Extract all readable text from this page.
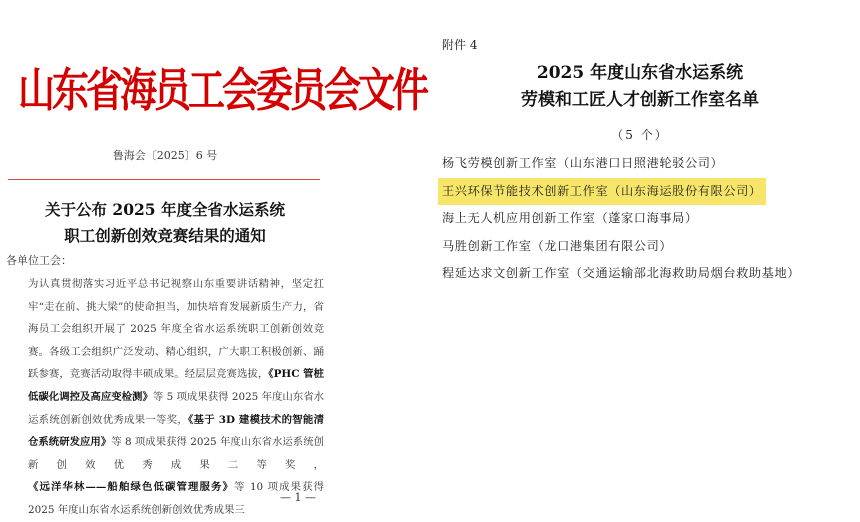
山东省海员工会委员会文件
鲁海会〔2025〕6 号
关于公布 2025 年度全省水运系统
职工创新创效竞赛结果的通知
各单位工会：

为认真贯彻落实习近平总书记视察山东重要讲话精神，坚定扛牢“走在前、挑大梁”的使命担当，加快培育发展新质生产力，省海员工会组织开展了 2025 年度全省水运系统职工创新创效竞赛。各级工会组织广泛发动、精心组织，广大职工积极创新、踊跃参赛，竞赛活动取得丰硕成果。经层层竞赛选拔，《PHC 管桩低碳化调控及高应变检测》等 5 项成果获得 2025 年度山东省水运系统创新创效优秀成果一等奖，《基于 3D 建模技术的智能清仓系统研发应用》等 8 项成果获得 2025 年度山东省水运系统创新创效优秀成果二等奖，《远洋华林——船舶绿色低碳管理服务》等 10 项成果获得 2025 年度山东省水运系统创新创效优秀成果三

— 1 —
附件 4
2025 年度山东省水运系统
劳模和工匠人才创新工作室名单
（5 个）
杨飞劳模创新工作室（山东港口日照港轮驳公司）
王兴环保节能技术创新工作室（山东海运股份有限公司）
海上无人机应用创新工作室（蓬家口海事局）
马胜创新工作室（龙口港集团有限公司）
程延达求文创新工作室（交通运输部北海救助局烟台救助基地）
